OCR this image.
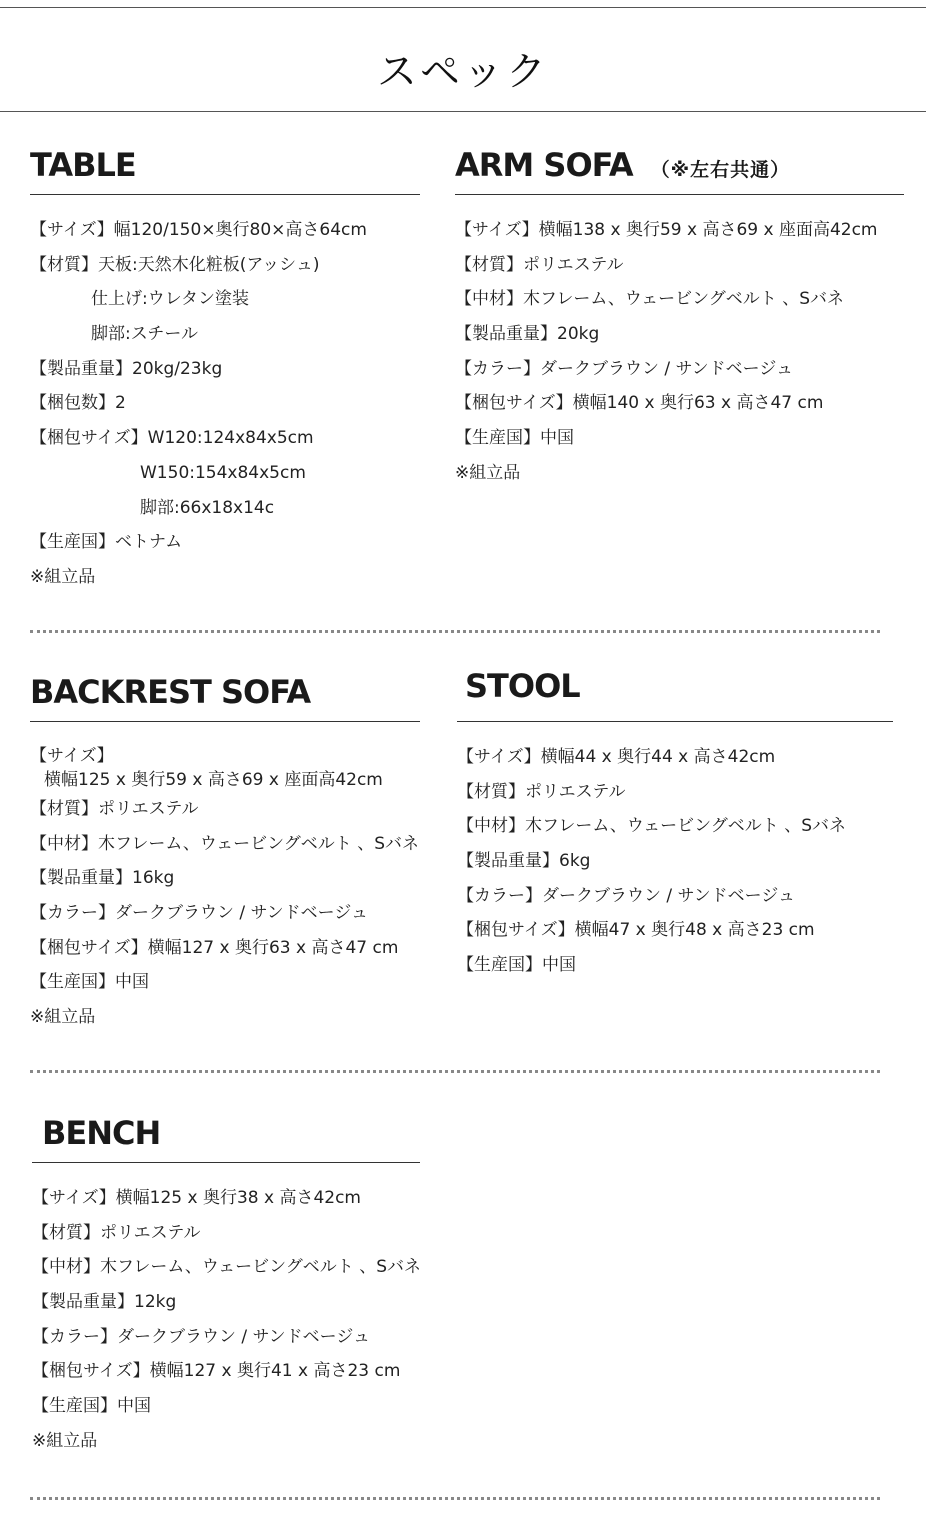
スペック
TABLE
【サイズ】幅120/150×奥行80×高さ64cm
【材質】天板:天然木化粧板(アッシュ)
仕上げ:ウレタン塗装
脚部:スチール
【製品重量】20kg/23kg
【梱包数】2
【梱包サイズ】W120:124x84x5cm
W150:154x84x5cm
脚部:66x18x14c
【生産国】ベトナム
※組立品
ARM SOFA （※左右共通）
【サイズ】横幅138 x 奥行59 x 高さ69 x 座面高42cm
【材質】ポリエステル
【中材】木フレーム、ウェービングベルト 、Sバネ
【製品重量】20kg
【カラー】ダークブラウン / サンドベージュ
【梱包サイズ】横幅140 x 奥行63 x 高さ47 cm
【生産国】中国
※組立品
BACKREST SOFA
【サイズ】
横幅125 x 奥行59 x 高さ69 x 座面高42cm
【材質】ポリエステル
【中材】木フレーム、ウェービングベルト 、Sバネ
【製品重量】16kg
【カラー】ダークブラウン / サンドベージュ
【梱包サイズ】横幅127 x 奥行63 x 高さ47 cm
【生産国】中国
※組立品
STOOL
【サイズ】横幅44 x 奥行44 x 高さ42cm
【材質】ポリエステル
【中材】木フレーム、ウェービングベルト 、Sバネ
【製品重量】6kg
【カラー】ダークブラウン / サンドベージュ
【梱包サイズ】横幅47 x 奥行48 x 高さ23 cm
【生産国】中国
BENCH
【サイズ】横幅125 x 奥行38 x 高さ42cm
【材質】ポリエステル
【中材】木フレーム、ウェービングベルト 、Sバネ
【製品重量】12kg
【カラー】ダークブラウン / サンドベージュ
【梱包サイズ】横幅127 x 奥行41 x 高さ23 cm
【生産国】中国
※組立品
